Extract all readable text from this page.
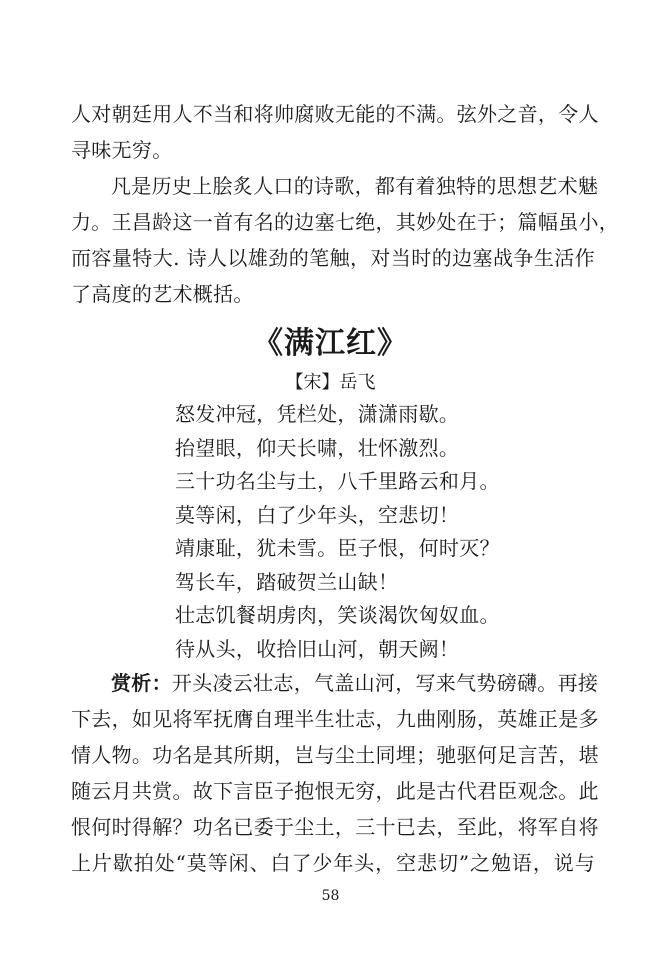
人对朝廷用人不当和将帅腐败无能的不满。弦外之音，令人
寻味无穷。
凡是历史上脍炙人口的诗歌，都有着独特的思想艺术魅
力。王昌龄这一首有名的边塞七绝，其妙处在于；篇幅虽小，
而容量特大. 诗人以雄劲的笔触，对当时的边塞战争生活作
了高度的艺术概括。
《满江红》
【宋】岳飞
怒发冲冠，凭栏处，潇潇雨歇。
抬望眼，仰天长啸，壮怀激烈。
三十功名尘与土，八千里路云和月。
莫等闲，白了少年头，空悲切！
靖康耻，犹未雪。臣子恨，何时灭？
驾长车，踏破贺兰山缺！
壮志饥餐胡虏肉，笑谈渴饮匈奴血。
待从头，收拾旧山河，朝天阙！
赏析：开头凌云壮志，气盖山河，写来气势磅礴。再接
下去，如见将军抚膺自理半生壮志，九曲刚肠，英雄正是多
情人物。功名是其所期，岂与尘土同埋；驰驱何足言苦，堪
随云月共赏。故下言臣子抱恨无穷，此是古代君臣观念。此
恨何时得解？功名已委于尘土，三十已去，至此，将军自将
上片歇拍处“莫等闲、白了少年头，空悲切”之勉语，说与
58
